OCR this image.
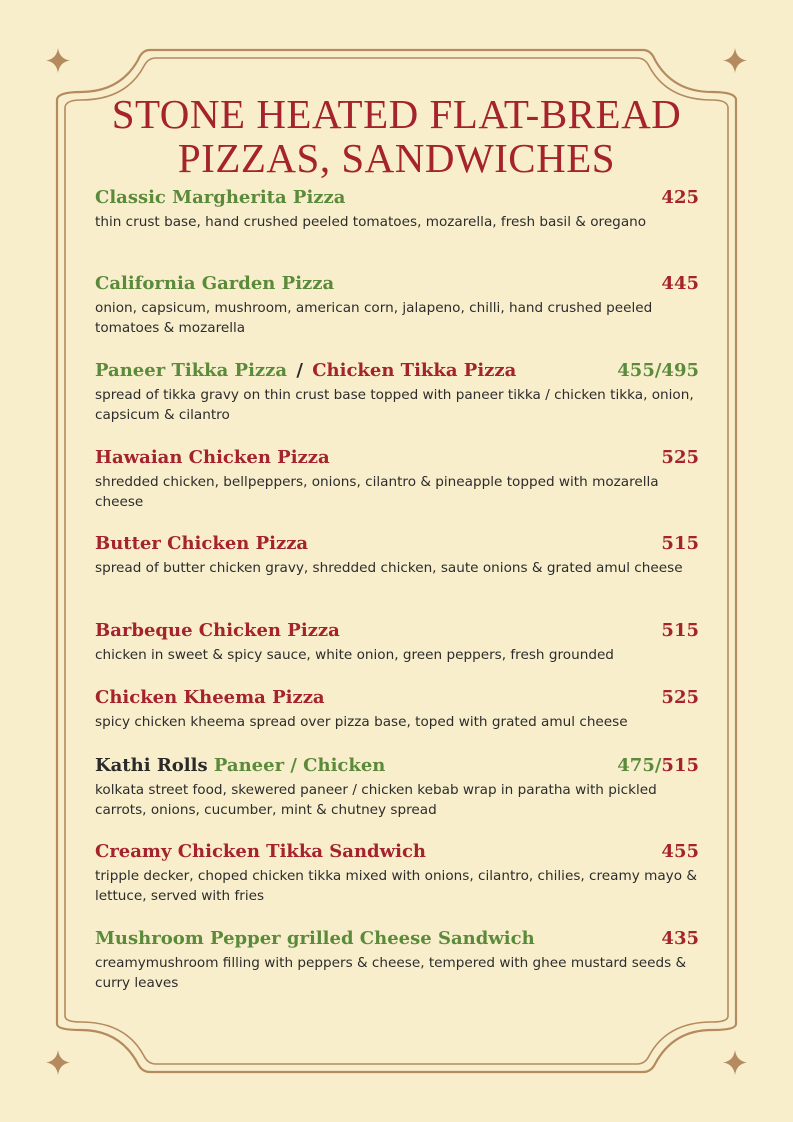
STONE HEATED FLAT-BREAD
PIZZAS, SANDWICHES
Classic Margherita Pizza	425
thin crust base, hand crushed peeled tomatoes, mozarella, fresh basil & oregano
California Garden Pizza	445
onion, capsicum, mushroom, american corn, jalapeno, chilli, hand crushed peeled tomatoes & mozarella
Paneer Tikka Pizza / Chicken Tikka Pizza	455/495
spread of tikka gravy on thin crust base topped with paneer tikka / chicken tikka, onion, capsicum & cilantro
Hawaian Chicken Pizza	525
shredded chicken, bellpeppers, onions, cilantro & pineapple topped with mozarella cheese
Butter Chicken Pizza	515
spread of butter chicken gravy, shredded chicken, saute onions & grated amul cheese
Barbeque Chicken Pizza	515
chicken in sweet & spicy sauce, white onion, green peppers, fresh grounded
Chicken Kheema Pizza	525
spicy chicken kheema spread over pizza base, toped with grated amul cheese
Kathi Rolls Paneer / Chicken	475/515
kolkata street food, skewered paneer / chicken kebab wrap in paratha with pickled carrots, onions, cucumber, mint & chutney spread
Creamy Chicken Tikka Sandwich	455
tripple decker, choped chicken tikka mixed with onions, cilantro, chilies, creamy mayo & lettuce, served with fries
Mushroom Pepper grilled Cheese Sandwich	435
creamymushroom filling with peppers & cheese, tempered with ghee mustard seeds & curry leaves
